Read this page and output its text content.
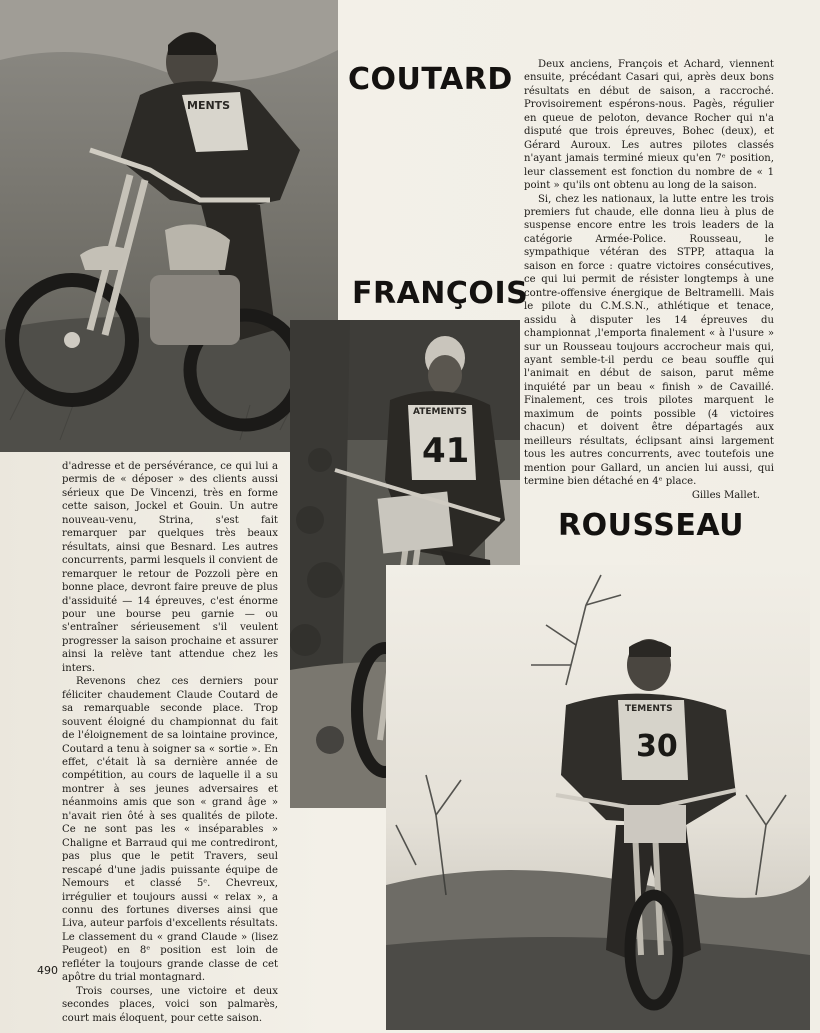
MENTS
ATEMENTS
41
TEMENTS
30
COUTARD
FRANÇOIS
ROUSSEAU

Deux anciens, François et Achard, viennent ensuite, précédant Casari qui, après deux bons résultats en début de saison, a raccroché. Provisoirement espérons-nous. Pagès, régulier en queue de peloton, devance Rocher qui n'a disputé que trois épreuves, Bohec (deux), et Gérard Auroux. Les autres pilotes classés n'ayant jamais terminé mieux qu'en 7ᵉ position, leur classement est fonction du nombre de « 1 point » qu'ils ont obtenu au long de la saison.

Si, chez les nationaux, la lutte entre les trois premiers fut chaude, elle donna lieu à plus de suspense encore entre les trois leaders de la catégorie Armée-Police. Rousseau, le sympathique vétéran des STPP, attaqua la saison en force : quatre victoires consécutives, ce qui lui permit de résister longtemps à une contre-offensive énergique de Beltramelli. Mais le pilote du C.M.S.N., athlétique et tenace, assidu à disputer les 14 épreuves du championnat ,l'emporta finalement « à l'usure » sur un Rousseau toujours accrocheur mais qui, ayant semble-t-il perdu ce beau souffle qui l'animait en début de saison, parut même inquiété par un beau « finish » de Cavaillé. Finalement, ces trois pilotes marquent le maximum de points possible (4 victoires chacun) et doivent être départagés aux meilleurs résultats, éclipsant ainsi largement tous les autres concurrents, avec toutefois une mention pour Gallard, un ancien lui aussi, qui termine bien détaché en 4ᵉ place.

Gilles Mallet.

d'adresse et de persévérance, ce qui lui a permis de « déposer » des clients aussi sérieux que De Vincenzi, très en forme cette saison, Jockel et Gouin. Un autre nouveau-venu, Strina, s'est fait remarquer par quelques très beaux résultats, ainsi que Besnard. Les autres concurrents, parmi lesquels il convient de remarquer le retour de Pozzoli père en bonne place, devront faire preuve de plus d'assiduité — 14 épreuves, c'est énorme pour une bourse peu garnie — ou s'entraîner sérieusement s'il veulent progresser la saison prochaine et assurer ainsi la relève tant attendue chez les inters.

Revenons chez ces derniers pour féliciter chaudement Claude Coutard de sa remarquable seconde place. Trop souvent éloigné du championnat du fait de l'éloignement de sa lointaine province, Coutard a tenu à soigner sa « sortie ». En effet, c'était là sa dernière année de compétition, au cours de laquelle il a su montrer à ses jeunes adversaires et néanmoins amis que son « grand âge » n'avait rien ôté à ses qualités de pilote. Ce ne sont pas les « inséparables » Chaligne et Barraud qui me contrediront, pas plus que le petit Travers, seul rescapé d'une jadis puissante équipe de Nemours et classé 5ᵉ. Chevreux, irrégulier et toujours aussi « relax », a connu des fortunes diverses ainsi que Liva, auteur parfois d'excellents résultats. Le classement du « grand Claude » (lisez Peugeot) en 8ᵉ position est loin de refléter la toujours grande classe de cet apôtre du trial montagnard.

Trois courses, une victoire et deux secondes places, voici son palmarès, court mais éloquent, pour cette saison.

490
